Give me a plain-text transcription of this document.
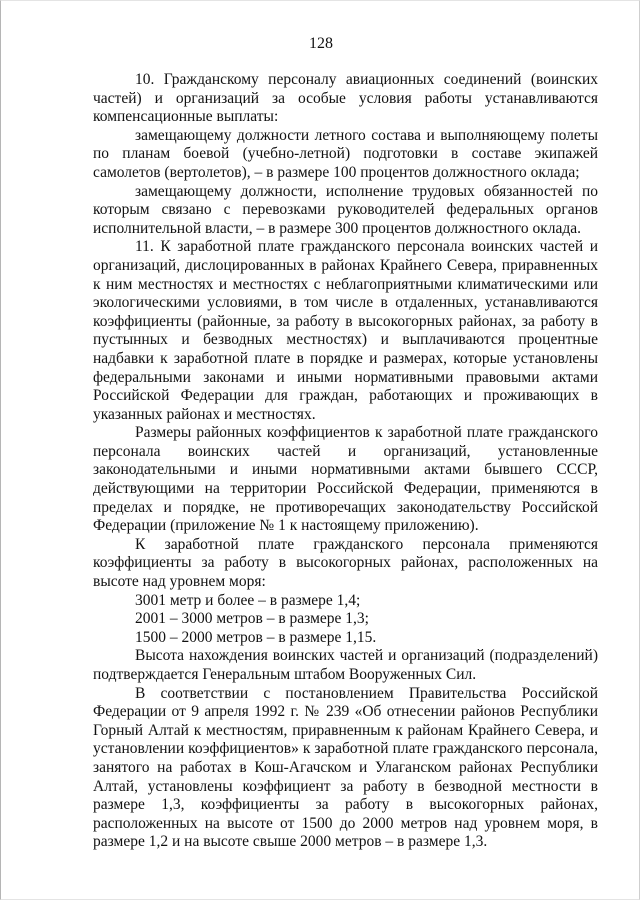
128

10. Гражданскому персоналу авиационных соединений (воинских частей) и организаций за особые условия работы устанавливаются компенсационные выплаты:

замещающему должности летного состава и выполняющему полеты по планам боевой (учебно-летной) подготовки в составе экипажей самолетов (вертолетов), – в размере 100 процентов должностного оклада;

замещающему должности, исполнение трудовых обязанностей по которым связано с перевозками руководителей федеральных органов исполнительной власти, – в размере 300 процентов должностного оклада.

11. К заработной плате гражданского персонала воинских частей и организаций, дислоцированных в районах Крайнего Севера, приравненных к ним местностях и местностях с неблагоприятными климатическими или экологическими условиями, в том числе в отдаленных, устанавливаются коэффициенты (районные, за работу в высокогорных районах, за работу в пустынных и безводных местностях) и выплачиваются процентные надбавки к заработной плате в порядке и размерах, которые установлены федеральными законами и иными нормативными правовыми актами Российской Федерации для граждан, работающих и проживающих в указанных районах и местностях.

Размеры районных коэффициентов к заработной плате гражданского персонала воинских частей и организаций, установленные законодательными и иными нормативными актами бывшего СССР, действующими на территории Российской Федерации, применяются в пределах и порядке, не противоречащих законодательству Российской Федерации (приложение № 1 к настоящему приложению).

К заработной плате гражданского персонала применяются коэффициенты за работу в высокогорных районах, расположенных на высоте над уровнем моря:

3001 метр и более – в размере 1,4;

2001 – 3000 метров – в размере 1,3;

1500 – 2000 метров – в размере 1,15.

Высота нахождения воинских частей и организаций (подразделений) подтверждается Генеральным штабом Вооруженных Сил.

В соответствии с постановлением Правительства Российской Федерации от 9 апреля 1992 г. № 239 «Об отнесении районов Республики Горный Алтай к местностям, приравненным к районам Крайнего Севера, и установлении коэффициентов» к заработной плате гражданского персонала, занятого на работах в Кош-Агачском и Улаганском районах Республики Алтай, установлены коэффициент за работу в безводной местности в размере 1,3, коэффициенты за работу в высокогорных районах, расположенных на высоте от 1500 до 2000 метров над уровнем моря, в размере 1,2 и на высоте свыше 2000 метров – в размере 1,3.
